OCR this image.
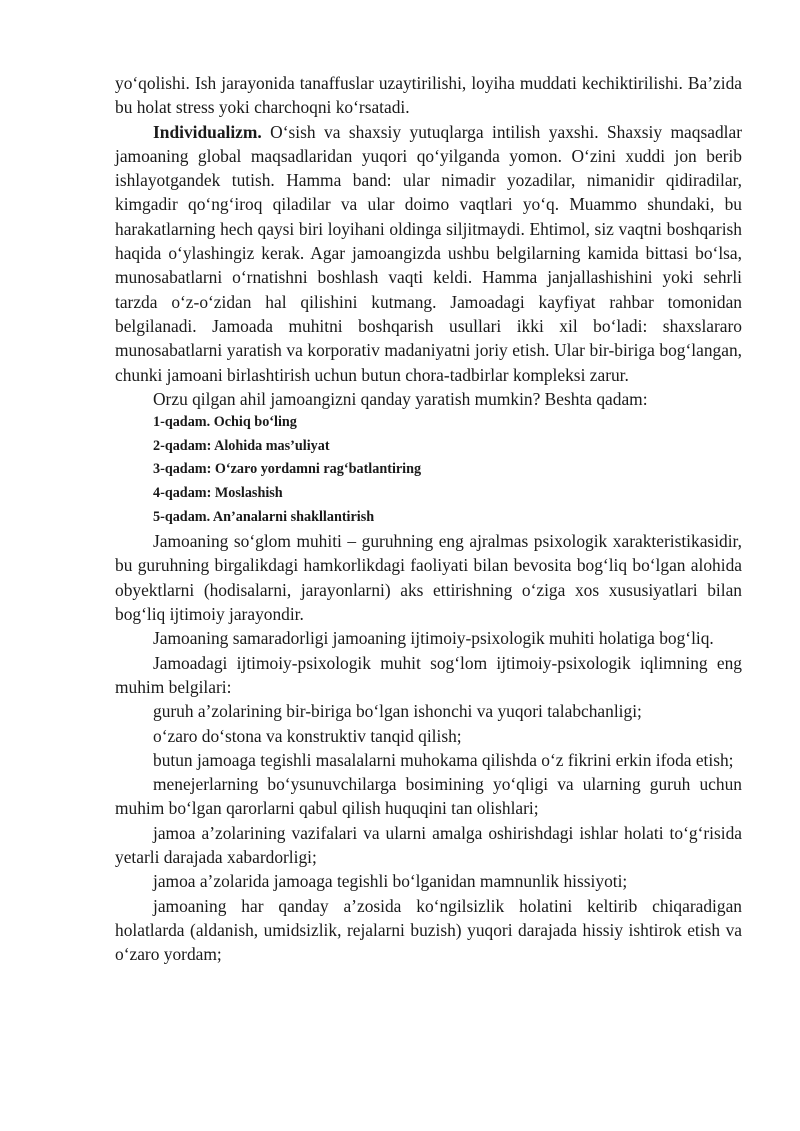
yo‘qolishi. Ish jarayonida tanaffuslar uzaytirilishi, loyiha muddati kechiktirilishi. Ba’zida bu holat stress yoki charchoqni ko‘rsatadi.

Individualizm. O‘sish va shaxsiy yutuqlarga intilish yaxshi. Shaxsiy maqsadlar jamoaning global maqsadlaridan yuqori qo‘yilganda yomon. O‘zini xuddi jon berib ishlayotgandek tutish. Hamma band: ular nimadir yozadilar, nimanidir qidiradilar, kimgadir qo‘ng‘iroq qiladilar va ular doimo vaqtlari yo‘q. Muammo shundaki, bu harakatlarning hech qaysi biri loyihani oldinga siljitmaydi. Ehtimol, siz vaqtni boshqarish haqida o‘ylashingiz kerak. Agar jamoangizda ushbu belgilarning kamida bittasi bo‘lsa, munosabatlarni o‘rnatishni boshlash vaqti keldi. Hamma janjallashishini yoki sehrli tarzda o‘z-o‘zidan hal qilishini kutmang. Jamoadagi kayfiyat rahbar tomonidan belgilanadi. Jamoada muhitni boshqarish usullari ikki xil bo‘ladi: shaxslararo munosabatlarni yaratish va korporativ madaniyatni joriy etish. Ular bir-biriga bog‘langan, chunki jamoani birlashtirish uchun butun chora-tadbirlar kompleksi zarur.

Orzu qilgan ahil jamoangizni qanday yaratish mumkin? Beshta qadam:

1-qadam. Ochiq bo‘ling
2-qadam: Alohida mas’uliyat
3-qadam: O‘zaro yordamni rag‘batlantiring
4-qadam: Moslashish
5-qadam. An’analarni shakllantirish

Jamoaning so‘glom muhiti – guruhning eng ajralmas psixologik xarakteristikasidir, bu guruhning birgalikdagi hamkorlikdagi faoliyati bilan bevosita bog‘liq bo‘lgan alohida obyektlarni (hodisalarni, jarayonlarni) aks ettirishning o‘ziga xos xususiyatlari bilan bog‘liq ijtimoiy jarayondir.

Jamoaning samaradorligi jamoaning ijtimoiy-psixologik muhiti holatiga bog‘liq.

Jamoadagi ijtimoiy-psixologik muhit sog‘lom ijtimoiy-psixologik iqlimning eng muhim belgilari:

guruh a’zolarining bir-biriga bo‘lgan ishonchi va yuqori talabchanligi;

o‘zaro do‘stona va konstruktiv tanqid qilish;

butun jamoaga tegishli masalalarni muhokama qilishda o‘z fikrini erkin ifoda etish;

menejerlarning bo‘ysunuvchilarga bosimining yo‘qligi va ularning guruh uchun muhim bo‘lgan qarorlarni qabul qilish huquqini tan olishlari;

jamoa a’zolarining vazifalari va ularni amalga oshirishdagi ishlar holati to‘g‘risida yetarli darajada xabardorligi;

jamoa a’zolarida jamoaga tegishli bo‘lganidan mamnunlik hissiyoti;

jamoaning har qanday a’zosida ko‘ngilsizlik holatini keltirib chiqaradigan holatlarda (aldanish, umidsizlik, rejalarni buzish) yuqori darajada hissiy ishtirok etish va o‘zaro yordam;
